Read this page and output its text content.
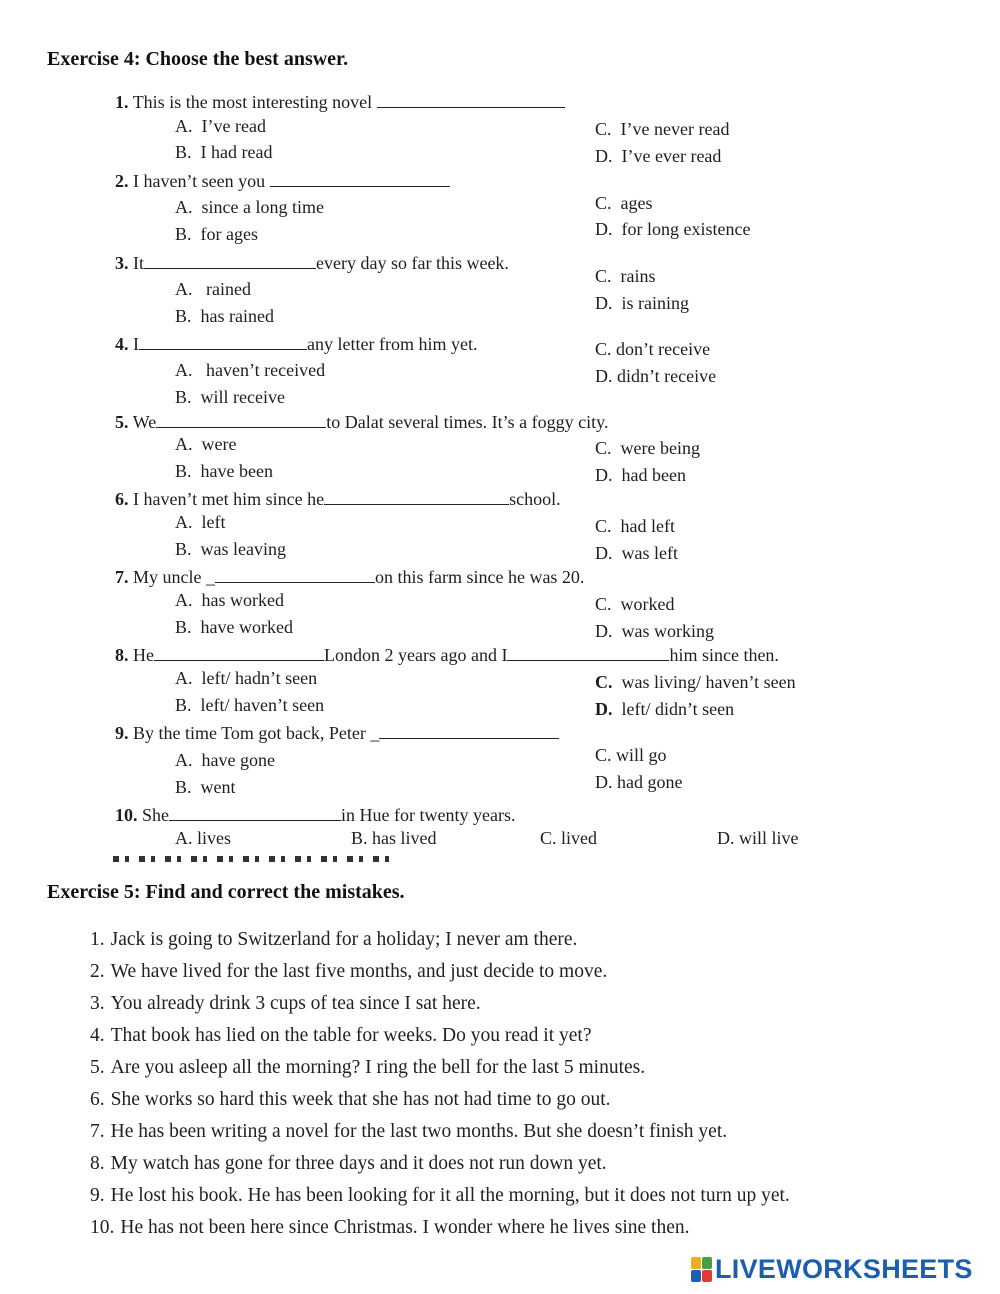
Exercise 4: Choose the best answer.
1. This is the most interesting novel
A. I’ve read
B. I had read
C. I’ve never read
D. I’ve ever read
2. I haven’t seen you
A. since a long time
B. for ages
C. ages
D. for long existence
3. It	every day so far this week.
A. rained
B. has rained
C. rains
D. is raining
4. I	any letter from him yet.
A. haven’t received
B. will receive
C. don’t receive
D. didn’t receive
5. We	to Dalat several times. It’s a foggy city.
A. were
B. have been
C. were being
D. had been
6. I haven’t met him since he	school.
A. left
B. was leaving
C. had left
D. was left
7. My uncle _	on this farm since he was 20.
A. has worked
B. have worked
C. worked
D. was working
8. He	London 2 years ago and I	him since then.
A. left/ hadn’t seen
B. left/ haven’t seen
C. was living/ haven’t seen
D. left/ didn’t seen
9. By the time Tom got back, Peter _
A. have gone
B. went
C. will go
D. had gone
10. She	in Hue for twenty years.
A. lives	B. has lived	C. lived	D. will live
Exercise 5: Find and correct the mistakes.
1. Jack is going to Switzerland for a holiday; I never am there.
2. We have lived for the last five months, and just decide to move.
3. You already drink 3 cups of tea since I sat here.
4. That book has lied on the table for weeks. Do you read it yet?
5. Are you asleep all the morning? I ring the bell for the last 5 minutes.
6. She works so hard this week that she has not had time to go out.
7. He has been writing a novel for the last two months. But she doesn’t finish yet.
8. My watch has gone for three days and it does not run down yet.
9. He lost his book. He has been looking for it all the morning, but it does not turn up yet.
10. He has not been here since Christmas. I wonder where he lives sine then.
LIVEWORKSHEETS
